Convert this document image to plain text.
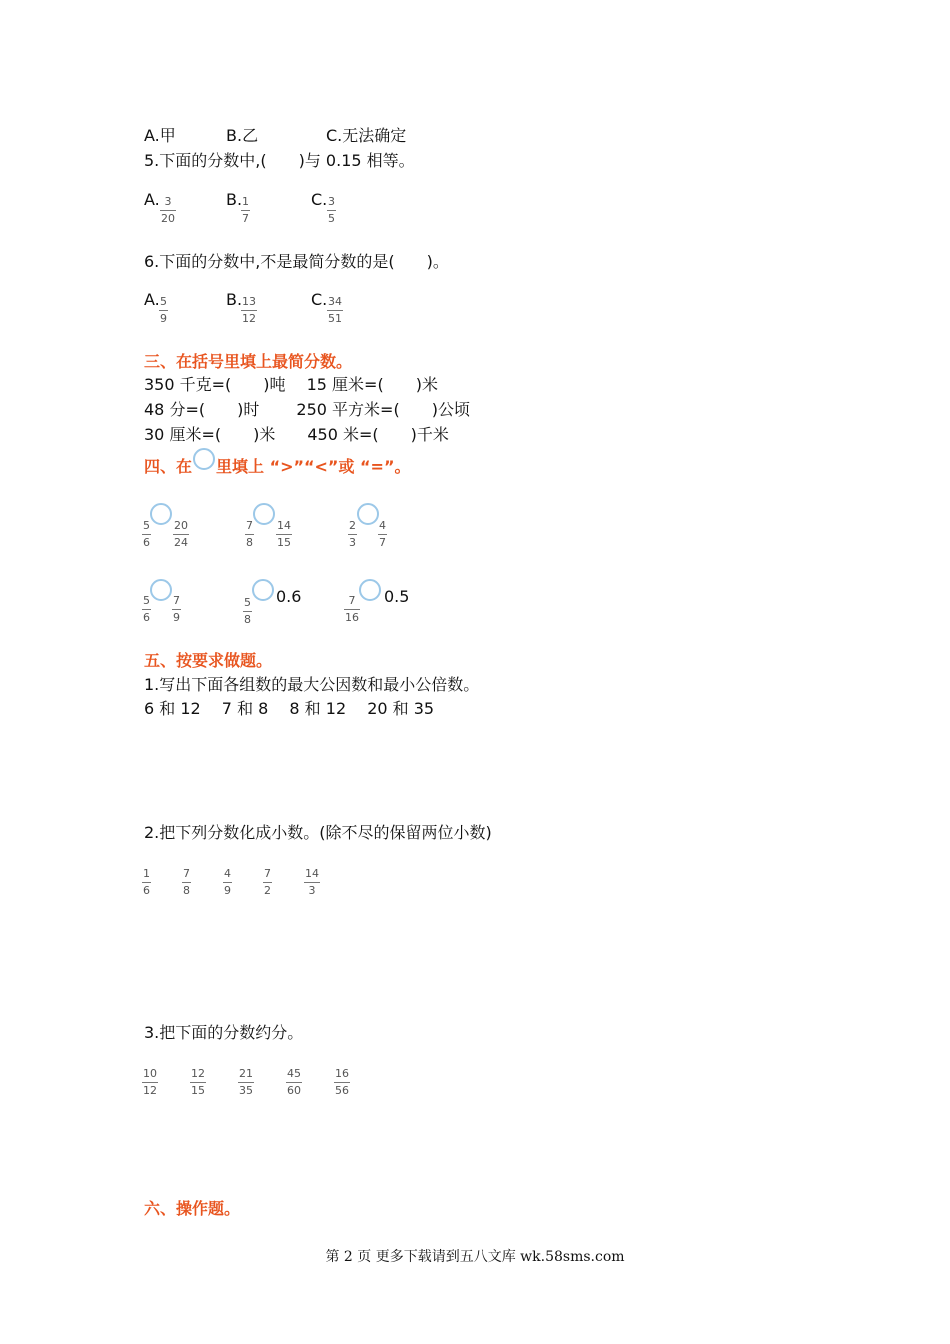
A.甲	B.乙	C.无法确定
5.下面的分数中,(　　)与 0.15 相等。
A. 3
20
B. 1
7
C. 3
5
6.下面的分数中,不是最简分数的是(　　)。
A. 5
9
B. 13
12
C. 34
51
三、在括号里填上最简分数。
350 千克=(　　)吨　 15 厘米=(　　)米
48 分=(　　)时　　 250 平方米=(　　)公顷
30 厘米=(　　)米　　450 米=(　　)千米
四、在 里填上 “>”“<”或 “=”。
5
6
20
24
7
8
14
15
2
3
4
7
5
6
7
9
5
8
0.6	7
16
0.5
五、按要求做题。
1.写出下面各组数的最大公因数和最小公倍数。
6 和 12　 7 和 8　 8 和 12　 20 和 35
2.把下列分数化成小数。(除不尽的保留两位小数)
1
6
7
8
4
9
7
2
14
3
3.把下面的分数约分。
10
12
12
15
21
35
45
60
16
56
六、操作题。
第 2 页 更多下载请到五八文库 wk.58sms.com
